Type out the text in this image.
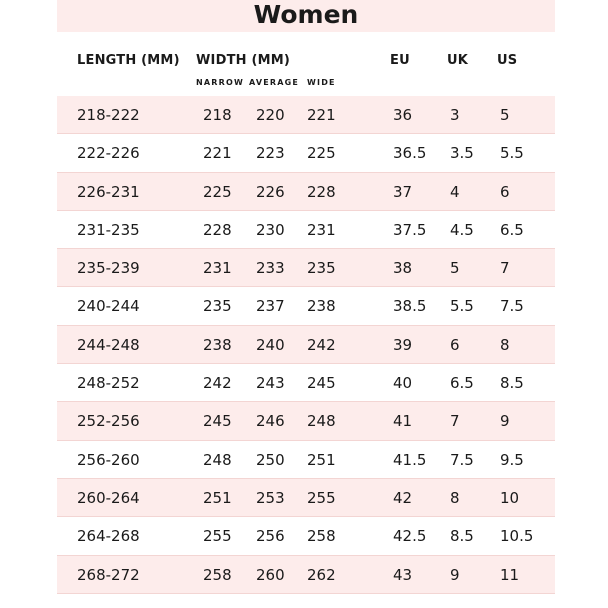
Women
LENGTH (MM) WIDTH (MM)	EU	UK US
NARROW AVERAGE WIDE
218-222	218 220 221	36	3	5
222-226	221 223 225	36.5 3.5 5.5
226-231	225 226 228	37	4	6
231-235	228 230 231	37.5 4.5 6.5
235-239	231 233 235	38	5	7
240-244	235 237 238	38.5 5.5 7.5
244-248	238 240 242	39	6	8
248-252	242 243 245	40	6.5 8.5
252-256	245 246 248	41	7	9
256-260	248 250 251	41.5 7.5 9.5
260-264	251 253 255	42	8	10
264-268	255 256 258	42.5 8.5 10.5
268-272	258 260 262	43	9	11
